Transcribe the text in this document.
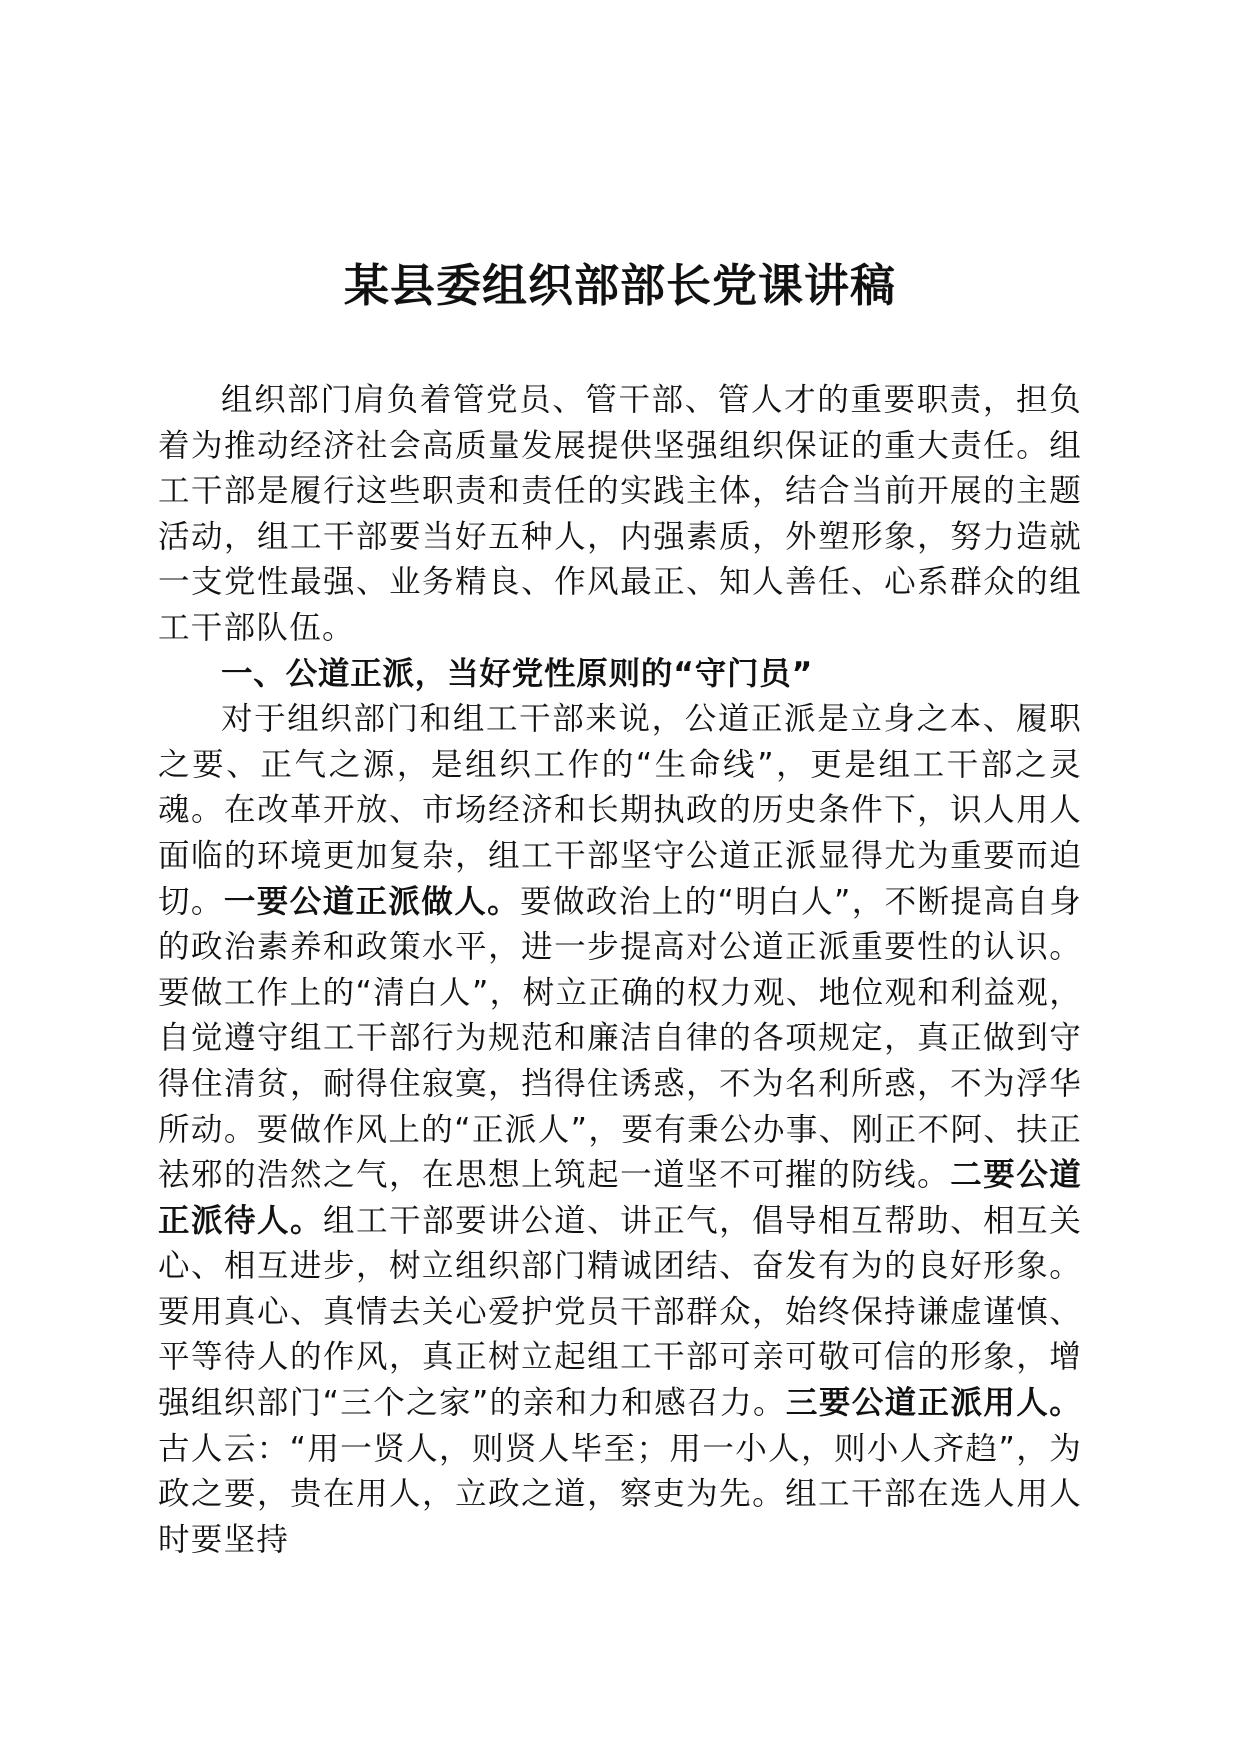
某县委组织部部长党课讲稿

组织部门肩负着管党员、管干部、管人才的重要职责，担负着为推动经济社会高质量发展提供坚强组织保证的重大责任。组工干部是履行这些职责和责任的实践主体，结合当前开展的主题活动，组工干部要当好五种人，内强素质，外塑形象，努力造就一支党性最强、业务精良、作风最正、知人善任、心系群众的组工干部队伍。

一、公道正派，当好党性原则的“守门员”

对于组织部门和组工干部来说，公道正派是立身之本、履职之要、正气之源，是组织工作的“生命线”，更是组工干部之灵魂。在改革开放、市场经济和长期执政的历史条件下，识人用人面临的环境更加复杂，组工干部坚守公道正派显得尤为重要而迫切。一要公道正派做人。要做政治上的“明白人”，不断提高自身的政治素养和政策水平，进一步提高对公道正派重要性的认识。要做工作上的“清白人”，树立正确的权力观、地位观和利益观，自觉遵守组工干部行为规范和廉洁自律的各项规定，真正做到守得住清贫，耐得住寂寞，挡得住诱惑，不为名利所惑，不为浮华所动。要做作风上的“正派人”，要有秉公办事、刚正不阿、扶正祛邪的浩然之气，在思想上筑起一道坚不可摧的防线。二要公道正派待人。组工干部要讲公道、讲正气，倡导相互帮助、相互关心、相互进步，树立组织部门精诚团结、奋发有为的良好形象。要用真心、真情去关心爱护党员干部群众，始终保持谦虚谨慎、平等待人的作风，真正树立起组工干部可亲可敬可信的形象，增强组织部门“三个之家”的亲和力和感召力。三要公道正派用人。古人云：“用一贤人，则贤人毕至；用一小人，则小人齐趋”，为政之要，贵在用人，立政之道，察吏为先。组工干部在选人用人时要坚持
